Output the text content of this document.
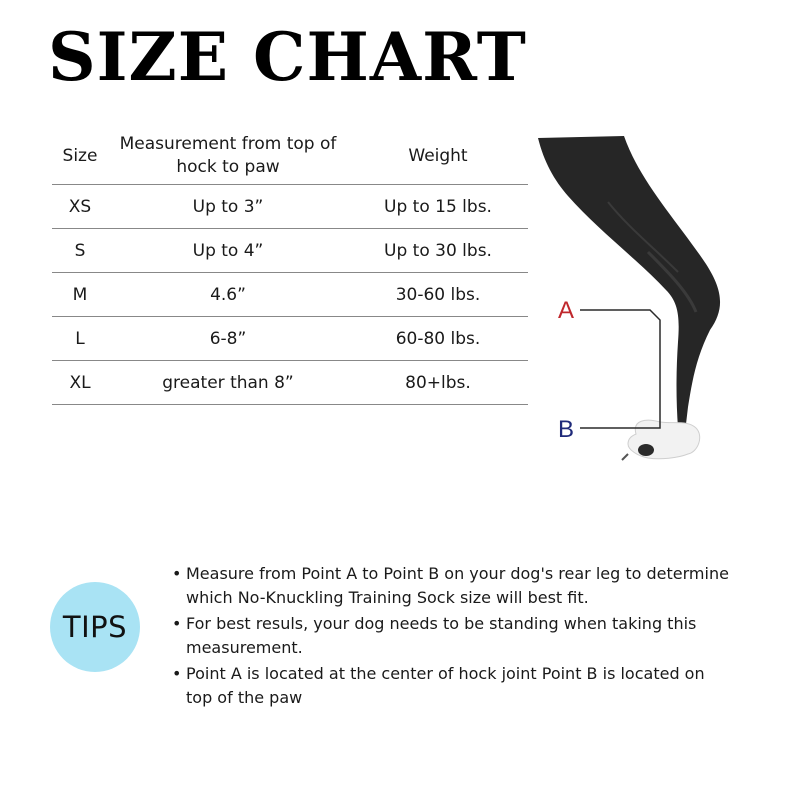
SIZE CHART
Size	Measurement from top of hock to paw	Weight
XS	Up to 3”	Up to 15 lbs.
S	Up to 4”	Up to 30 lbs.
M	4.6”	30-60 lbs.
L	6-8”	60-80 lbs.
XL	greater than 8”	80+lbs.
A
B
TIPS
• Measure from Point A to Point B on your dog's rear leg to determine which No-Knuckling Training Sock size will best fit.
• For best resuls, your dog needs to be standing when taking this measurement.
• Point A is located at the center of hock joint Point B is located on top of the paw
